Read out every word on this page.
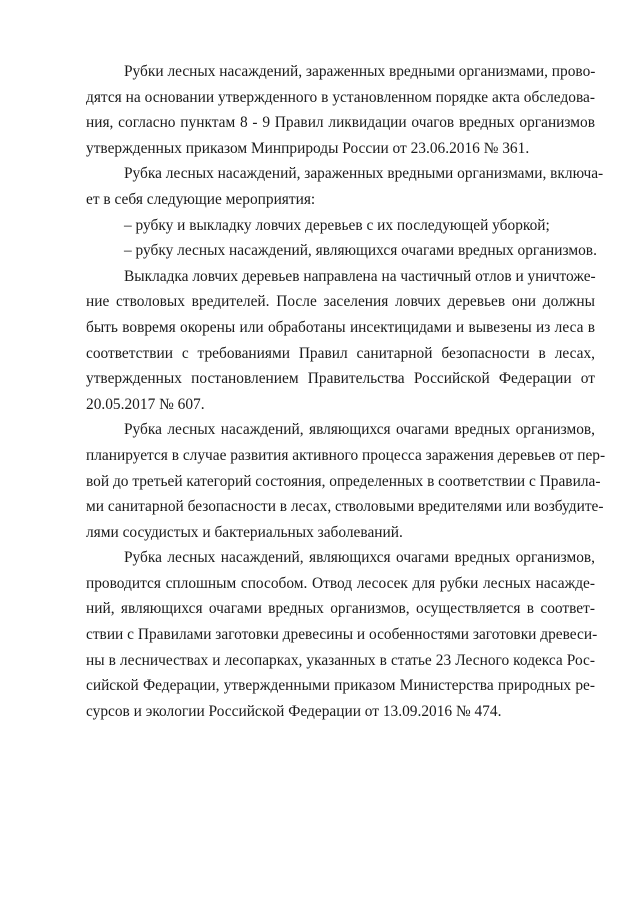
Рубки лесных насаждений, зараженных вредными организмами, прово-
дятся на основании утвержденного в установленном порядке акта обследова-
ния, согласно пунктам 8 - 9 Правил ликвидации очагов вредных организмов
утвержденных приказом Минприроды России от 23.06.2016 № 361.

Рубка лесных насаждений, зараженных вредными организмами, включа-
ет в себя следующие мероприятия:

– рубку и выкладку ловчих деревьев с их последующей уборкой;

– рубку лесных насаждений, являющихся очагами вредных организмов.

Выкладка ловчих деревьев направлена на частичный отлов и уничтоже-
ние стволовых вредителей. После заселения ловчих деревьев они должны
быть вовремя окорены или обработаны инсектицидами и вывезены из леса в
соответствии с требованиями Правил санитарной безопасности в лесах,
утвержденных постановлением Правительства Российской Федерации от
20.05.2017 № 607.

Рубка лесных насаждений, являющихся очагами вредных организмов,
планируется в случае развития активного процесса заражения деревьев от пер-
вой до третьей категорий состояния, определенных в соответствии с Правила-
ми санитарной безопасности в лесах, стволовыми вредителями или возбудите-
лями сосудистых и бактериальных заболеваний.

Рубка лесных насаждений, являющихся очагами вредных организмов,
проводится сплошным способом. Отвод лесосек для рубки лесных насажде-
ний, являющихся очагами вредных организмов, осуществляется в соответ-
ствии с Правилами заготовки древесины и особенностями заготовки древеси-
ны в лесничествах и лесопарках, указанных в статье 23 Лесного кодекса Рос-
сийской Федерации, утвержденными приказом Министерства природных ре-
сурсов и экологии Российской Федерации от 13.09.2016 № 474.
